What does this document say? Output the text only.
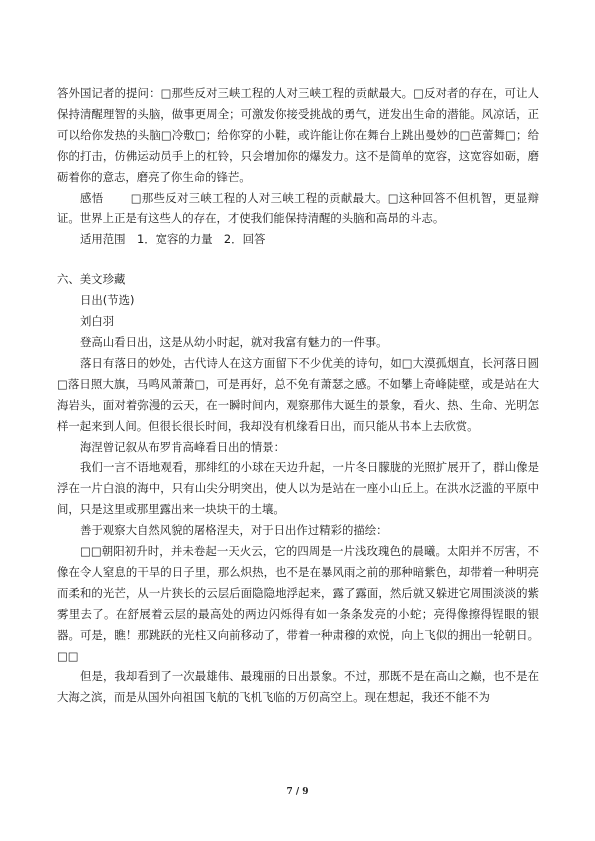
答外国记者的提问：□那些反对三峡工程的人对三峡工程的贡献最大。□反对者的存在，可让人保持清醒理智的头脑，做事更周全；可激发你接受挑战的勇气，迸发出生命的潜能。风凉话，正可以给你发热的头脑□冷敷□；给你穿的小鞋，或许能让你在舞台上跳出曼妙的□芭蕾舞□；给你的打击，仿佛运动员手上的杠铃，只会增加你的爆发力。这不是简单的宽容，这宽容如砺，磨砺着你的意志，磨亮了你生命的锋芒。

感悟　　 □那些反对三峡工程的人对三峡工程的贡献最大。□这种回答不但机智，更显辩证。世界上正是有这些人的存在，才使我们能保持清醒的头脑和高昂的斗志。

适用范围　1．宽容的力量　2．回答

六、美文珍藏

日出(节选)

刘白羽

登高山看日出，这是从幼小时起，就对我富有魅力的一件事。

落日有落日的妙处，古代诗人在这方面留下不少优美的诗句，如□大漠孤烟直，长河落日圆□落日照大旗，马鸣风萧萧□，可是再好，总不免有萧瑟之感。不如攀上奇峰陡壁，或是站在大海岩头，面对着弥漫的云天，在一瞬时间内，观察那伟大诞生的景象，看火、热、生命、光明怎样一起来到人间。但很长很长时间，我却没有机缘看日出，而只能从书本上去欣赏。

海涅曾记叙从布罗肯高峰看日出的情景：

我们一言不语地观看，那绯红的小球在天边升起，一片冬日朦胧的光照扩展开了，群山像是浮在一片白浪的海中，只有山尖分明突出，使人以为是站在一座小山丘上。在洪水泛滥的平原中间，只是这里或那里露出来一块块干的土壤。

善于观察大自然风貌的屠格涅夫，对于日出作过精彩的描绘：

□□朝阳初升时，并未卷起一天火云，它的四周是一片浅玫瑰色的晨曦。太阳并不厉害，不像在令人窒息的干旱的日子里，那么炽热，也不是在暴风雨之前的那种暗紫色，却带着一种明亮而柔和的光芒，从一片狭长的云层后面隐隐地浮起来，露了露面，然后就又躲进它周围淡淡的紫雾里去了。在舒展着云层的最高处的两边闪烁得有如一条条发亮的小蛇；亮得像擦得锃眼的银器。可是，瞧！那跳跃的光柱又向前移动了，带着一种肃穆的欢悦，向上飞似的拥出一轮朝日。□□

但是，我却看到了一次最雄伟、最瑰丽的日出景象。不过，那既不是在高山之巅，也不是在大海之滨，而是从国外向祖国飞航的飞机飞临的万仞高空上。现在想起，我还不能不为

7 / 9
